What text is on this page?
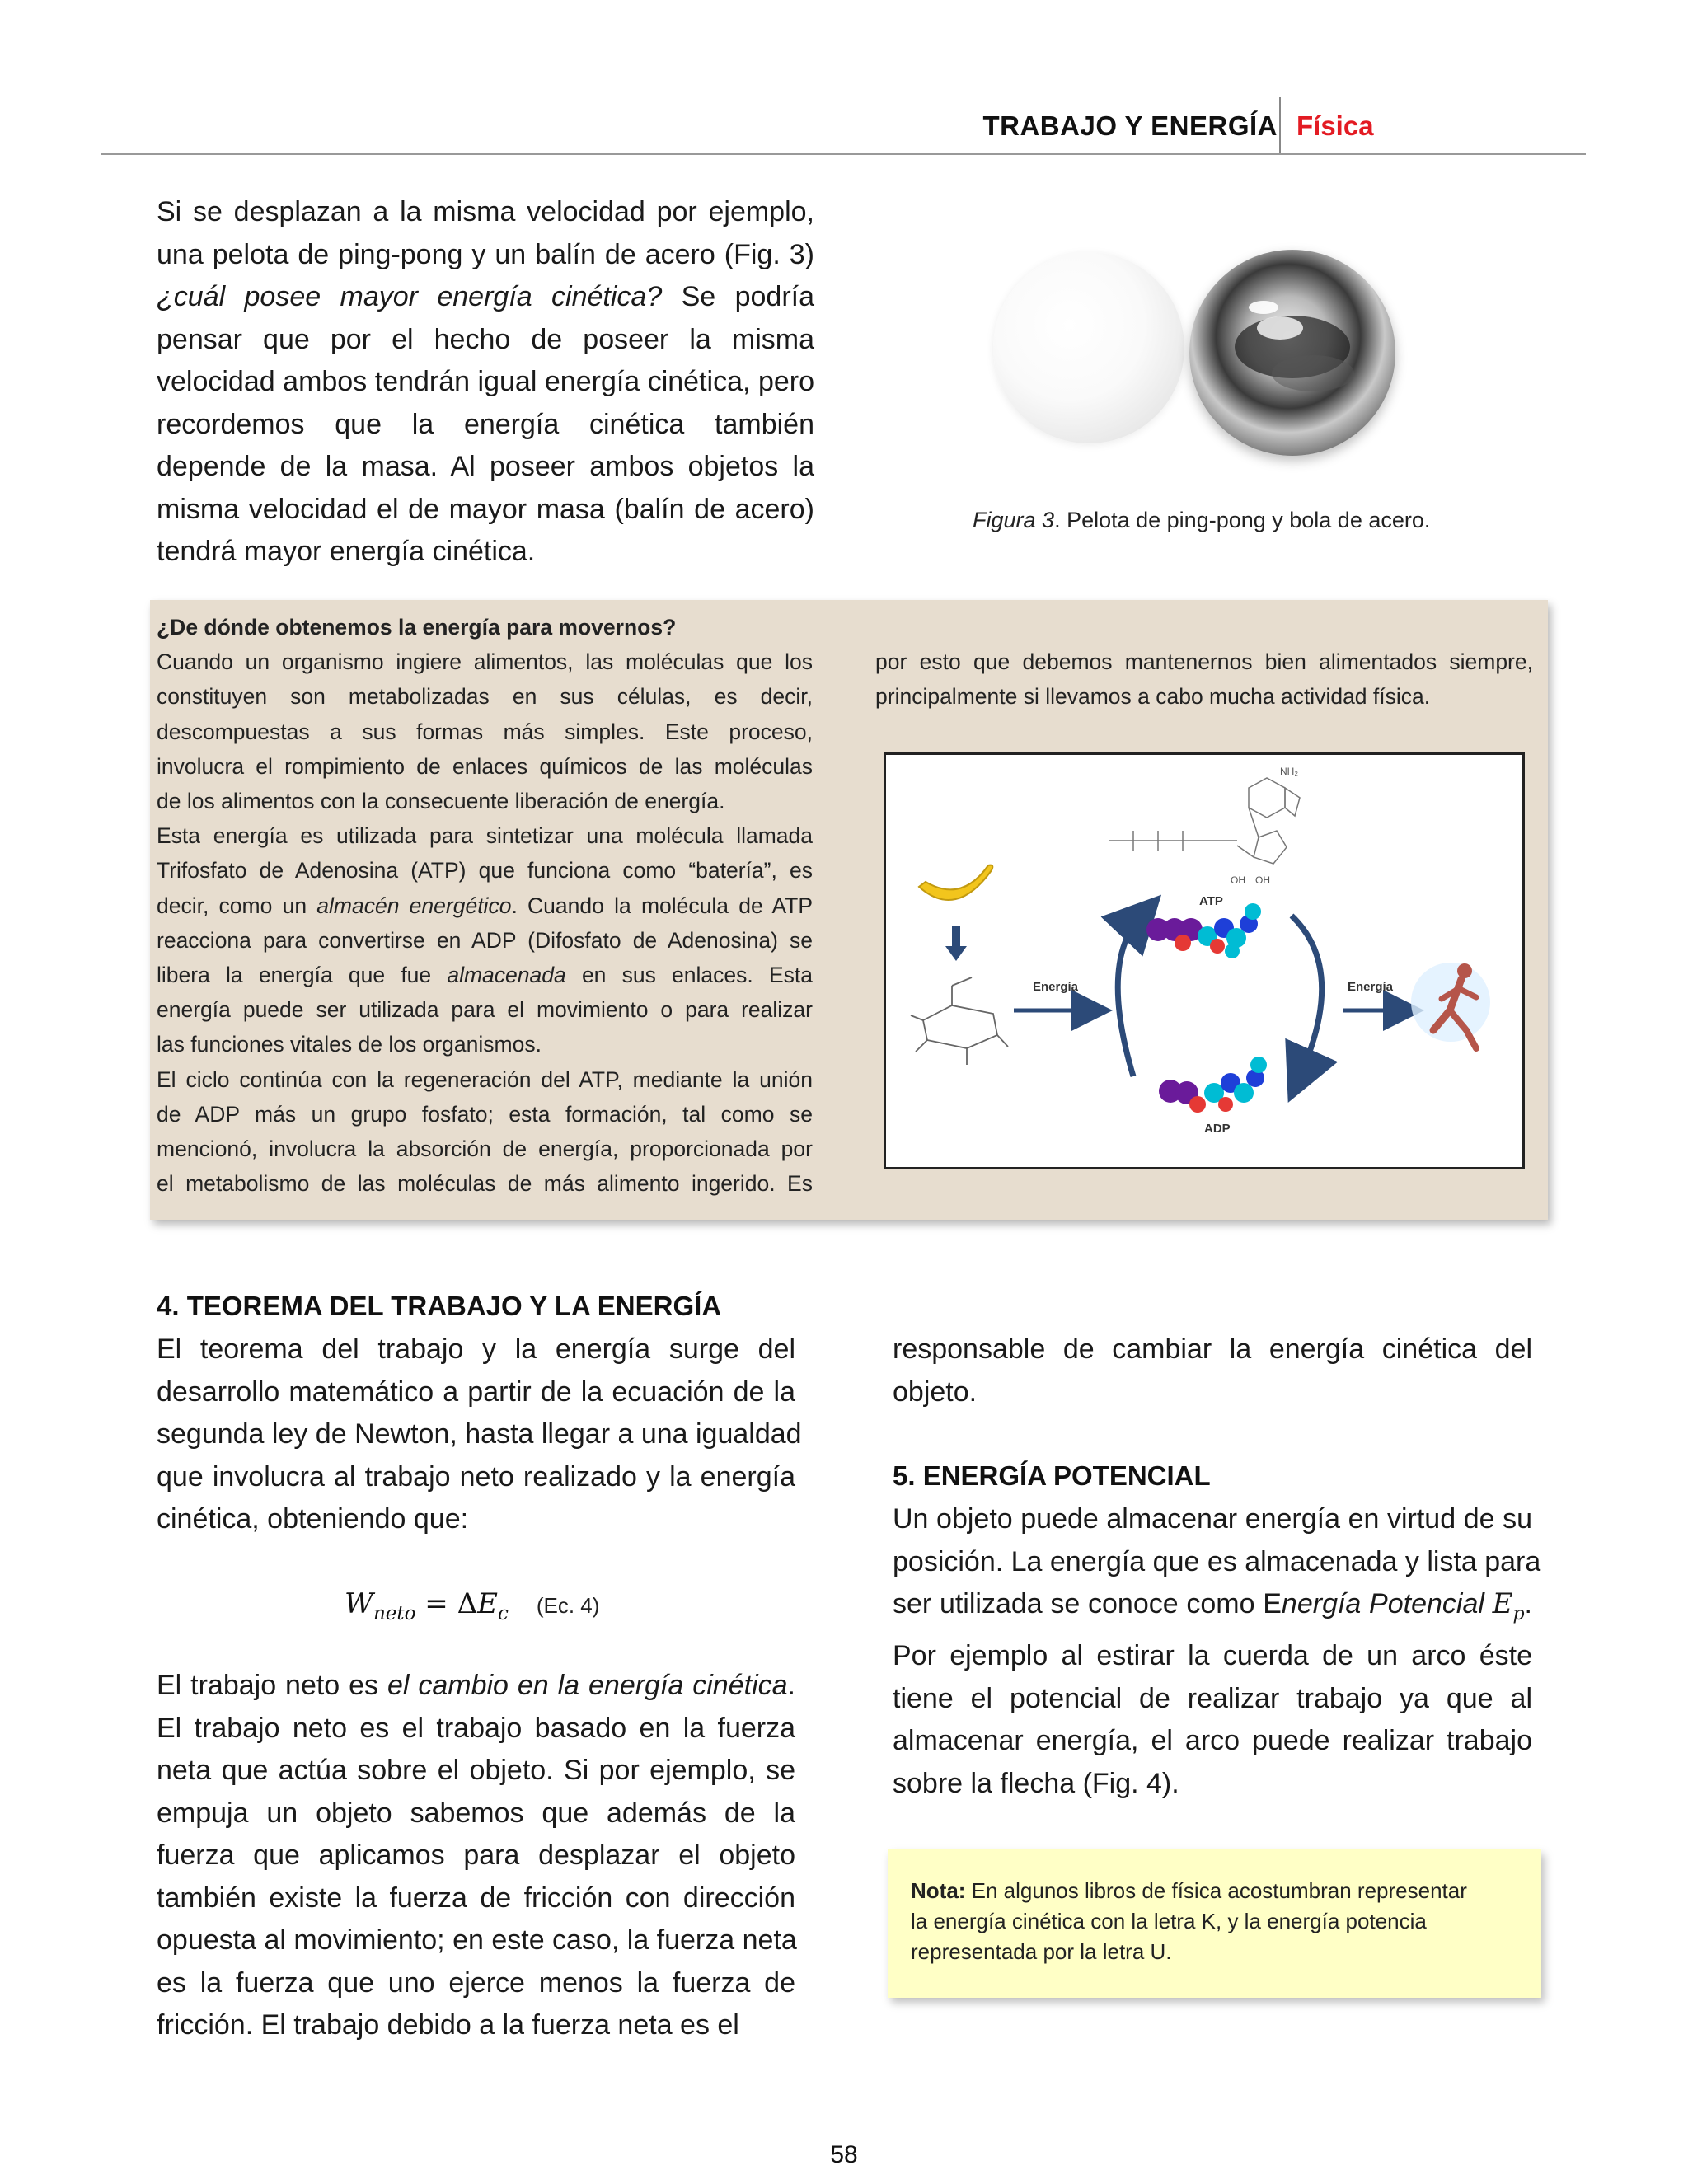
TRABAJO Y ENERGÍA Física
Si se desplazan a la misma velocidad por ejemplo,
una pelota de ping-pong y un balín de acero (Fig. 3)
¿cuál posee mayor energía cinética? Se podría
pensar que por el hecho de poseer la misma
velocidad ambos tendrán igual energía cinética, pero
recordemos que la energía cinética también
depende de la masa. Al poseer ambos objetos la
misma velocidad el de mayor masa (balín de acero)
tendrá mayor energía cinética.
Figura 3. Pelota de ping-pong y bola de acero.
¿De dónde obtenemos la energía para movernos?
Cuando un organismo ingiere alimentos, las moléculas que los
constituyen son metabolizadas en sus células, es decir,
descompuestas a sus formas más simples. Este proceso,
involucra el rompimiento de enlaces químicos de las moléculas
de los alimentos con la consecuente liberación de energía.
Esta energía es utilizada para sintetizar una molécula llamada
Trifosfato de Adenosina (ATP) que funciona como “batería”, es
decir, como un almacén energético. Cuando la molécula de ATP
reacciona para convertirse en ADP (Difosfato de Adenosina) se
libera la energía que fue almacenada en sus enlaces. Esta
energía puede ser utilizada para el movimiento o para realizar
las funciones vitales de los organismos.
El ciclo continúa con la regeneración del ATP, mediante la unión
de ADP más un grupo fosfato; esta formación, tal como se
mencionó, involucra la absorción de energía, proporcionada por
el metabolismo de las moléculas de más alimento ingerido. Es
por esto que debemos mantenernos bien alimentados siempre,
principalmente si llevamos a cabo mucha actividad física.
NH₂
OH OH
Energía
ATP
ADP
Energía
4. TEOREMA DEL TRABAJO Y LA ENERGÍA
El teorema del trabajo y la energía surge del
desarrollo matemático a partir de la ecuación de la
segunda ley de Newton, hasta llegar a una igualdad
que involucra al trabajo neto realizado y la energía
cinética, obteniendo que:
$W_{neto} = \Delta E_c$ (Ec. 4)
El trabajo neto es el cambio en la energía cinética.
El trabajo neto es el trabajo basado en la fuerza
neta que actúa sobre el objeto. Si por ejemplo, se
empuja un objeto sabemos que además de la
fuerza que aplicamos para desplazar el objeto
también existe la fuerza de fricción con dirección
opuesta al movimiento; en este caso, la fuerza neta
es la fuerza que uno ejerce menos la fuerza de
fricción. El trabajo debido a la fuerza neta es el
responsable de cambiar la energía cinética del
objeto.
5. ENERGÍA POTENCIAL
Un objeto puede almacenar energía en virtud de su
posición. La energía que es almacenada y lista para
ser utilizada se conoce como Energía Potencial $E_p$.
Por ejemplo al estirar la cuerda de un arco éste
tiene el potencial de realizar trabajo ya que al
almacenar energía, el arco puede realizar trabajo
sobre la flecha (Fig. 4).
Nota: En algunos libros de física acostumbran representar
la energía cinética con la letra K, y la energía potencia
representada por la letra U.
58
